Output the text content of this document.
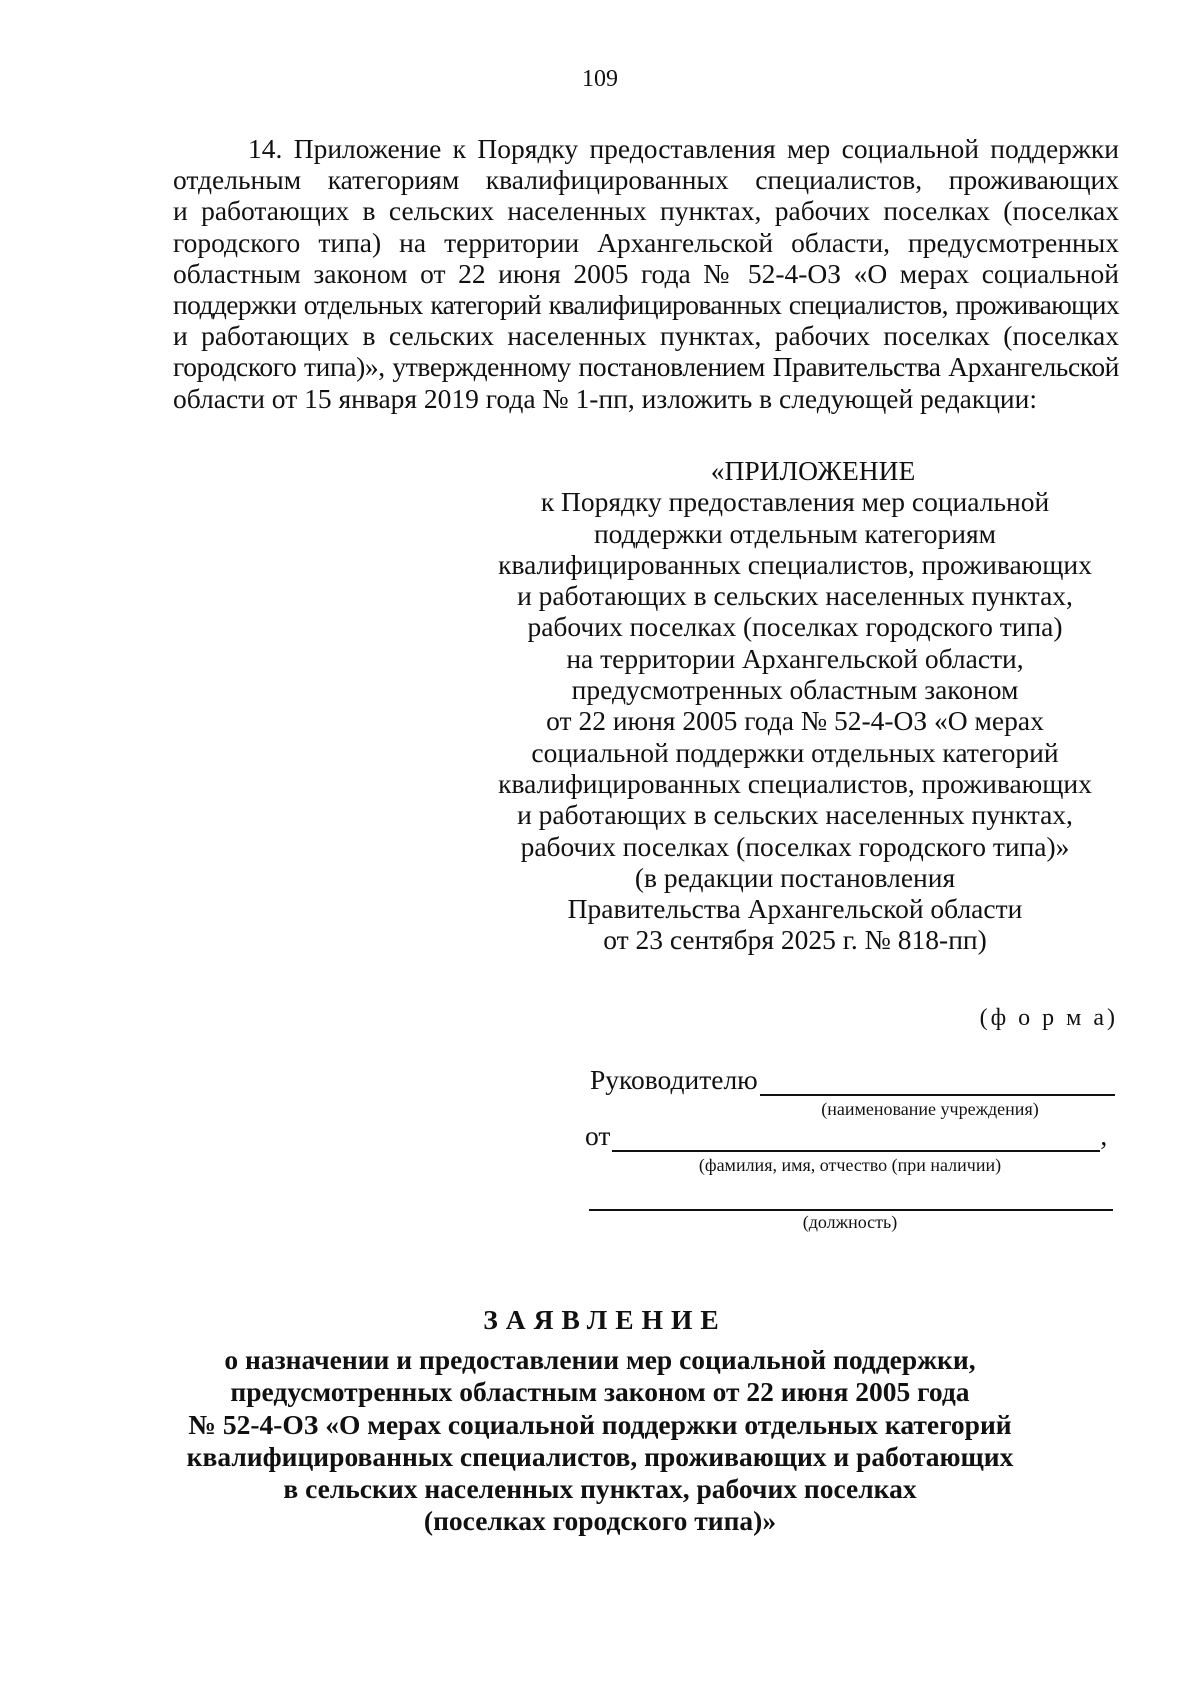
109
14. Приложение к Порядку предоставления мер социальной поддержки
отдельным категориям квалифицированных специалистов, проживающих
и работающих в сельских населенных пунктах, рабочих поселках (поселках
городского типа) на территории Архангельской области, предусмотренных
областным законом от 22 июня 2005 года № 52-4-ОЗ «О мерах социальной
поддержки отдельных категорий квалифицированных специалистов, проживающих
и работающих в сельских населенных пунктах, рабочих поселках (поселках
городского типа)», утвержденному постановлением Правительства Архангельской
области от 15 января 2019 года № 1-пп, изложить в следующей редакции:
«ПРИЛОЖЕНИЕ
к Порядку предоставления мер социальной
поддержки отдельным категориям
квалифицированных специалистов, проживающих
и работающих в сельских населенных пунктах,
рабочих поселках (поселках городского типа)
на территории Архангельской области,
предусмотренных областным законом
от 22 июня 2005 года № 52-4-ОЗ «О мерах
социальной поддержки отдельных категорий
квалифицированных специалистов, проживающих
и работающих в сельских населенных пунктах,
рабочих поселках (поселках городского типа)»
(в редакции постановления
Правительства Архангельской области
от 23 сентября 2025 г. № 818-пп)
(ф о р м а)
Руководителю
(наименование учреждения)
от	,
(фамилия, имя, отчество (при наличии)
(должность)
ЗАЯВЛЕНИЕ
о назначении и предоставлении мер социальной поддержки,
предусмотренных областным законом от 22 июня 2005 года
№ 52-4-ОЗ «О мерах социальной поддержки отдельных категорий
квалифицированных специалистов, проживающих и работающих
в сельских населенных пунктах, рабочих поселках
(поселках городского типа)»
